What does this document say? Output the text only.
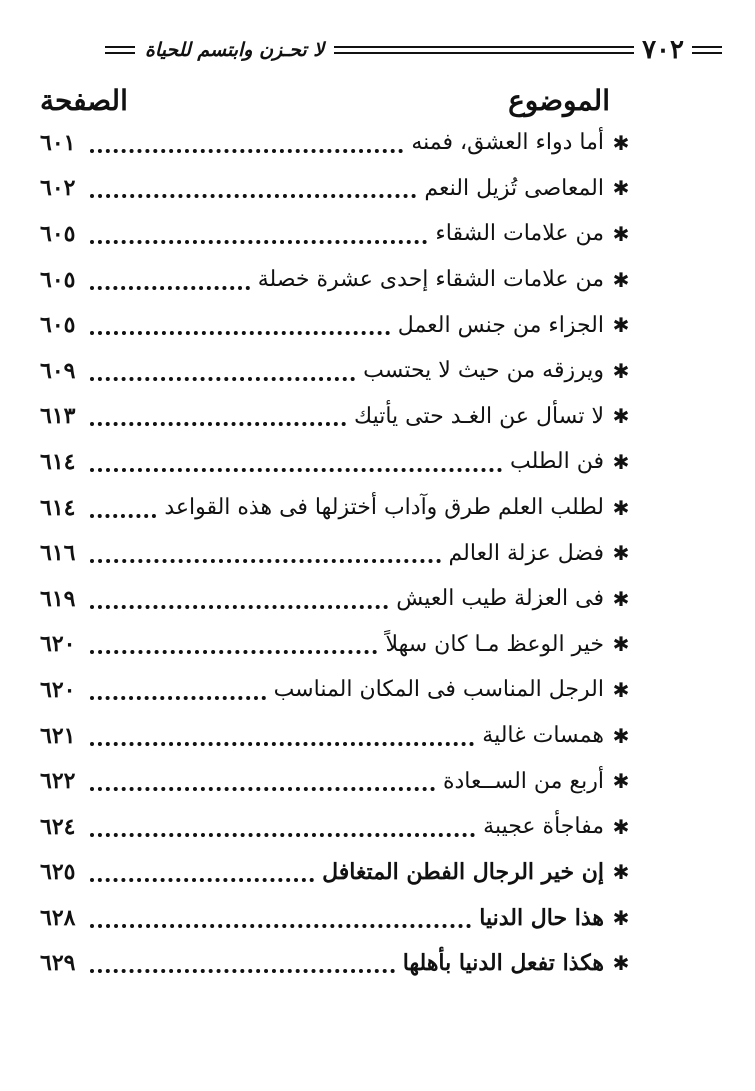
٧٠٢
لا تحـزن وابتسم للحياة
الموضوع
الصفحة
✱
أما دواء العشق، فمنه
٦٠١
✱
المعاصى تُزيل النعم
٦٠٢
✱
من علامات الشقاء
٦٠٥
✱
من علامات الشقاء إحدى عشرة خصلة
٦٠٥
✱
الجزاء من جنس العمل
٦٠٥
✱
ويرزقه من حيث لا يحتسب
٦٠٩
✱
لا تسأل عن الغـد حتى يأتيك
٦١٣
✱
فن الطلب
٦١٤
✱
لطلب العلم طرق وآداب أختزلها فى هذه القواعد
٦١٤
✱
فضل عزلة العالم
٦١٦
✱
فى العزلة طيب العيش
٦١٩
✱
خير الوعظ مـا كان سهلاً
٦٢٠
✱
الرجل المناسب فى المكان المناسب
٦٢٠
✱
همسات غالية
٦٢١
✱
أربع من الســعادة
٦٢٢
✱
مفاجأة عجيبة
٦٢٤
✱
إن خير الرجال الفطن المتغافل
٦٢٥
✱
هذا حال الدنيا
٦٢٨
✱
هكذا تفعل الدنيا بأهلها
٦٢٩
